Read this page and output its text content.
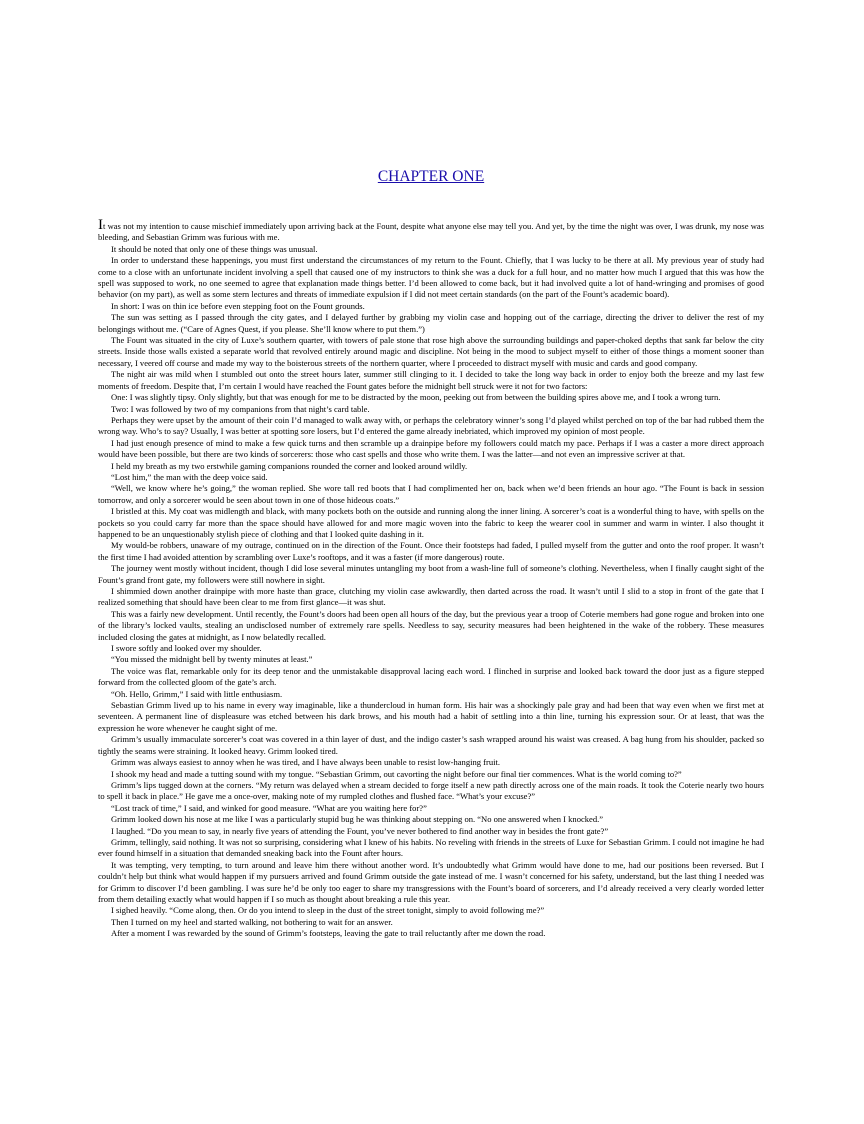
CHAPTER ONE

It was not my intention to cause mischief immediately upon arriving back at the Fount, despite what anyone else may tell you. And yet, by the time the night was over, I was drunk, my nose was bleeding, and Sebastian Grimm was furious with me.

It should be noted that only one of these things was unusual.

In order to understand these happenings, you must first understand the circumstances of my return to the Fount. Chiefly, that I was lucky to be there at all. My previous year of study had come to a close with an unfortunate incident involving a spell that caused one of my instructors to think she was a duck for a full hour, and no matter how much I argued that this was how the spell was supposed to work, no one seemed to agree that explanation made things better. I’d been allowed to come back, but it had involved quite a lot of hand-wringing and promises of good behavior (on my part), as well as some stern lectures and threats of immediate expulsion if I did not meet certain standards (on the part of the Fount’s academic board).

In short: I was on thin ice before even stepping foot on the Fount grounds.

The sun was setting as I passed through the city gates, and I delayed further by grabbing my violin case and hopping out of the carriage, directing the driver to deliver the rest of my belongings without me. (“Care of Agnes Quest, if you please. She’ll know where to put them.”)

The Fount was situated in the city of Luxe’s southern quarter, with towers of pale stone that rose high above the surrounding buildings and paper-choked depths that sank far below the city streets. Inside those walls existed a separate world that revolved entirely around magic and discipline. Not being in the mood to subject myself to either of those things a moment sooner than necessary, I veered off course and made my way to the boisterous streets of the northern quarter, where I proceeded to distract myself with music and cards and good company.

The night air was mild when I stumbled out onto the street hours later, summer still clinging to it. I decided to take the long way back in order to enjoy both the breeze and my last few moments of freedom. Despite that, I’m certain I would have reached the Fount gates before the midnight bell struck were it not for two factors:

One: I was slightly tipsy. Only slightly, but that was enough for me to be distracted by the moon, peeking out from between the building spires above me, and I took a wrong turn.

Two: I was followed by two of my companions from that night’s card table.

Perhaps they were upset by the amount of their coin I’d managed to walk away with, or perhaps the celebratory winner’s song I’d played whilst perched on top of the bar had rubbed them the wrong way. Who’s to say? Usually, I was better at spotting sore losers, but I’d entered the game already inebriated, which improved my opinion of most people.

I had just enough presence of mind to make a few quick turns and then scramble up a drainpipe before my followers could match my pace. Perhaps if I was a caster a more direct approach would have been possible, but there are two kinds of sorcerers: those who cast spells and those who write them. I was the latter—and not even an impressive scriver at that.

I held my breath as my two erstwhile gaming companions rounded the corner and looked around wildly.

“Lost him,” the man with the deep voice said.

“Well, we know where he’s going,” the woman replied. She wore tall red boots that I had complimented her on, back when we’d been friends an hour ago. “The Fount is back in session tomorrow, and only a sorcerer would be seen about town in one of those hideous coats.”

I bristled at this. My coat was midlength and black, with many pockets both on the outside and running along the inner lining. A sorcerer’s coat is a wonderful thing to have, with spells on the pockets so you could carry far more than the space should have allowed for and more magic woven into the fabric to keep the wearer cool in summer and warm in winter. I also thought it happened to be an unquestionably stylish piece of clothing and that I looked quite dashing in it.

My would-be robbers, unaware of my outrage, continued on in the direction of the Fount. Once their footsteps had faded, I pulled myself from the gutter and onto the roof proper. It wasn’t the first time I had avoided attention by scrambling over Luxe’s rooftops, and it was a faster (if more dangerous) route.

The journey went mostly without incident, though I did lose several minutes untangling my boot from a wash-line full of someone’s clothing. Nevertheless, when I finally caught sight of the Fount’s grand front gate, my followers were still nowhere in sight.

I shimmied down another drainpipe with more haste than grace, clutching my violin case awkwardly, then darted across the road. It wasn’t until I slid to a stop in front of the gate that I realized something that should have been clear to me from first glance—it was shut.

This was a fairly new development. Until recently, the Fount’s doors had been open all hours of the day, but the previous year a troop of Coterie members had gone rogue and broken into one of the library’s locked vaults, stealing an undisclosed number of extremely rare spells. Needless to say, security measures had been heightened in the wake of the robbery. These measures included closing the gates at midnight, as I now belatedly recalled.

I swore softly and looked over my shoulder.

“You missed the midnight bell by twenty minutes at least.”

The voice was flat, remarkable only for its deep tenor and the unmistakable disapproval lacing each word. I flinched in surprise and looked back toward the door just as a figure stepped forward from the collected gloom of the gate’s arch.

“Oh. Hello, Grimm,” I said with little enthusiasm.

Sebastian Grimm lived up to his name in every way imaginable, like a thundercloud in human form. His hair was a shockingly pale gray and had been that way even when we first met at seventeen. A permanent line of displeasure was etched between his dark brows, and his mouth had a habit of settling into a thin line, turning his expression sour. Or at least, that was the expression he wore whenever he caught sight of me.

Grimm’s usually immaculate sorcerer’s coat was covered in a thin layer of dust, and the indigo caster’s sash wrapped around his waist was creased. A bag hung from his shoulder, packed so tightly the seams were straining. It looked heavy. Grimm looked tired.

Grimm was always easiest to annoy when he was tired, and I have always been unable to resist low-hanging fruit.

I shook my head and made a tutting sound with my tongue. “Sebastian Grimm, out cavorting the night before our final tier commences. What is the world coming to?”

Grimm’s lips tugged down at the corners. “My return was delayed when a stream decided to forge itself a new path directly across one of the main roads. It took the Coterie nearly two hours to spell it back in place.” He gave me a once-over, making note of my rumpled clothes and flushed face. “What’s your excuse?”

“Lost track of time,” I said, and winked for good measure. “What are you waiting here for?”

Grimm looked down his nose at me like I was a particularly stupid bug he was thinking about stepping on. “No one answered when I knocked.”

I laughed. “Do you mean to say, in nearly five years of attending the Fount, you’ve never bothered to find another way in besides the front gate?”

Grimm, tellingly, said nothing. It was not so surprising, considering what I knew of his habits. No reveling with friends in the streets of Luxe for Sebastian Grimm. I could not imagine he had ever found himself in a situation that demanded sneaking back into the Fount after hours.

It was tempting, very tempting, to turn around and leave him there without another word. It’s undoubtedly what Grimm would have done to me, had our positions been reversed. But I couldn’t help but think what would happen if my pursuers arrived and found Grimm outside the gate instead of me. I wasn’t concerned for his safety, understand, but the last thing I needed was for Grimm to discover I’d been gambling. I was sure he’d be only too eager to share my transgressions with the Fount’s board of sorcerers, and I’d already received a very clearly worded letter from them detailing exactly what would happen if I so much as thought about breaking a rule this year.

I sighed heavily. “Come along, then. Or do you intend to sleep in the dust of the street tonight, simply to avoid following me?”

Then I turned on my heel and started walking, not bothering to wait for an answer.

After a moment I was rewarded by the sound of Grimm’s footsteps, leaving the gate to trail reluctantly after me down the road.
